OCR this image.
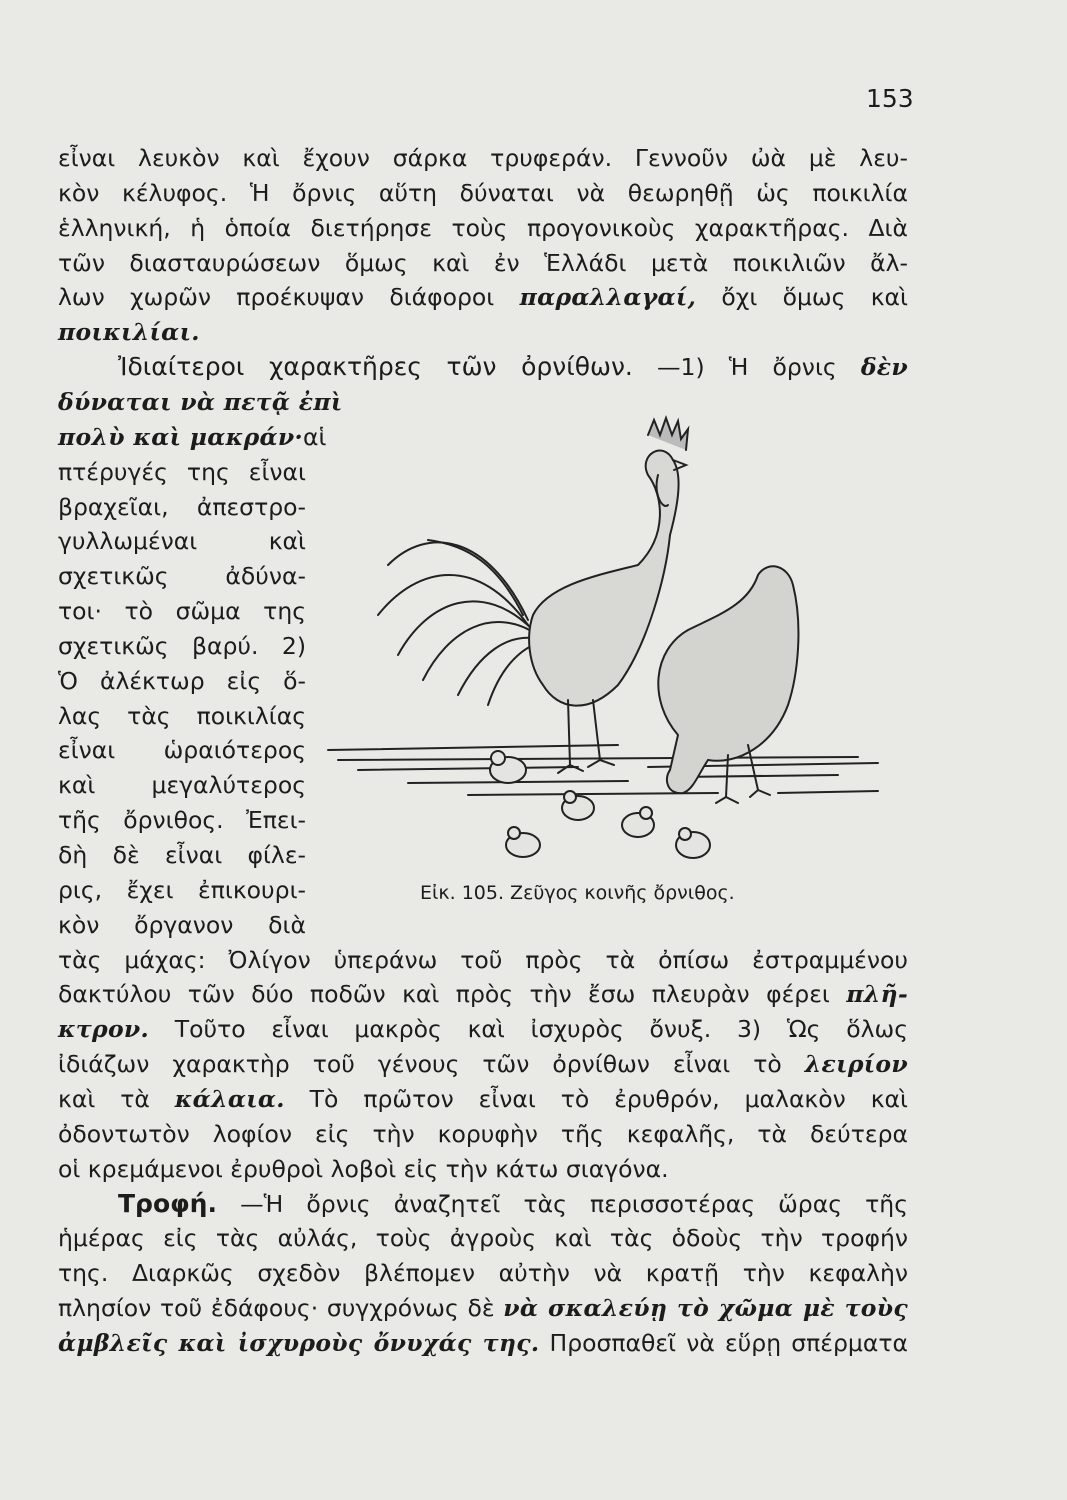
153
εἶναι λευκὸν καὶ ἔχουν σάρκα τρυφεράν. Γεννοῦν ὠὰ μὲ λευ-
κὸν κέλυφος. Ἡ ὄρνις αὕτη δύναται νὰ θεωρηθῇ ὡς ποικιλία
ἑλληνική, ἡ ὁποία διετήρησε τοὺς προγονικοὺς χαρακτῆρας. Διὰ
τῶν διασταυρώσεων ὅμως καὶ ἐν Ἑλλάδι μετὰ ποικιλιῶν ἄλ-
λων χωρῶν προέκυψαν διάφοροι παραλλαγαί, ὄχι ὅμως καὶ
ποικιλίαι.
Ἰδιαίτεροι χαρακτῆρες τῶν ὀρνίθων. —1) Ἡ ὄρνις δὲν
δύναται νὰ πετᾷ ἐπὶ
πολὺ καὶ μακράν·αἱ
πτέρυγές της εἶναι
βραχεῖαι, ἀπεστρο-
γυλλωμέναι καὶ
σχετικῶς ἀδύνα-
τοι· τὸ σῶμα της
σχετικῶς βαρύ. 2)
Ὁ ἀλέκτωρ εἰς ὅ-
λας τὰς ποικιλίας
εἶναι ὡραιότερος
καὶ μεγαλύτερος
τῆς ὄρνιθος. Ἐπει-
δὴ δὲ εἶναι φίλε-
ρις, ἔχει ἐπικουρι-
κὸν ὄργανον διὰ
τὰς μάχας: Ὀλίγον ὑπεράνω τοῦ πρὸς τὰ ὀπίσω ἐστραμμένου
δακτύλου τῶν δύο ποδῶν καὶ πρὸς τὴν ἔσω πλευρὰν φέρει πλῆ-
κτρον. Τοῦτο εἶναι μακρὸς καὶ ἰσχυρὸς ὄνυξ. 3) Ὡς ὅλως
ἰδιάζων χαρακτὴρ τοῦ γένους τῶν ὀρνίθων εἶναι τὸ λειρίον
καὶ τὰ κάλαια. Τὸ πρῶτον εἶναι τὸ ἐρυθρόν, μαλακὸν καὶ
ὀδοντωτὸν λοφίον εἰς τὴν κορυφὴν τῆς κεφαλῆς, τὰ δεύτερα
οἱ κρεμάμενοι ἐρυθροὶ λοβοὶ εἰς τὴν κάτω σιαγόνα.
Τροφή. —Ἡ ὄρνις ἀναζητεῖ τὰς περισσοτέρας ὥρας τῆς
ἡμέρας εἰς τὰς αὐλάς, τοὺς ἀγροὺς καὶ τὰς ὁδοὺς τὴν τροφήν
της. Διαρκῶς σχεδὸν βλέπομεν αὐτὴν νὰ κρατῇ τὴν κεφαλὴν
πλησίον τοῦ ἐδάφους· συγχρόνως δὲ νὰ σκαλεύῃ τὸ χῶμα μὲ τοὺς
ἀμβλεῖς καὶ ἰσχυροὺς ὄνυχάς της. Προσπαθεῖ νὰ εὕρῃ σπέρματα
Εἰκ. 105. Ζεῦγος κοινῆς ὄρνιθος.
